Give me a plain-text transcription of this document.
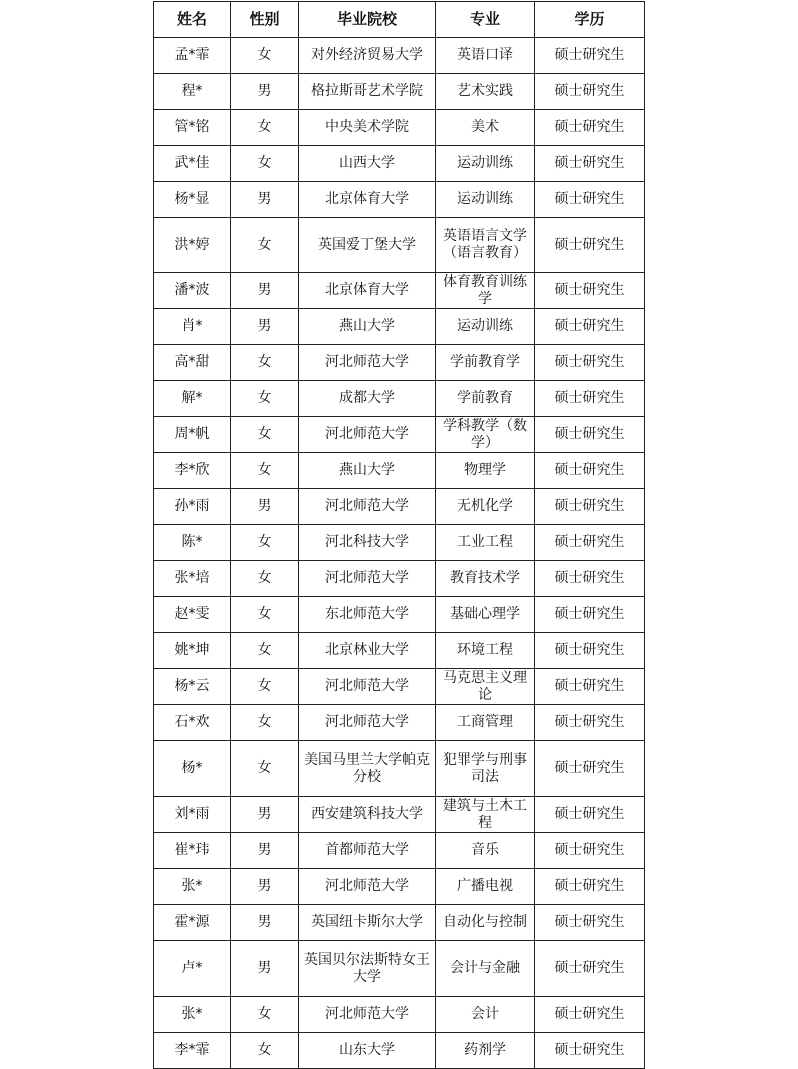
姓名	性别	毕业院校	专业	学历
孟*霏	女	对外经济贸易大学	英语口译	硕士研究生
程*	男	格拉斯哥艺术学院	艺术实践	硕士研究生
管*铭	女	中央美术学院	美术	硕士研究生
武*佳	女	山西大学	运动训练	硕士研究生
杨*显	男	北京体育大学	运动训练	硕士研究生
洪*婷	女	英国爱丁堡大学	英语语言文学（语言教育）	硕士研究生
潘*波	男	北京体育大学	体育教育训练学	硕士研究生
肖*	男	燕山大学	运动训练	硕士研究生
高*甜	女	河北师范大学	学前教育学	硕士研究生
解*	女	成都大学	学前教育	硕士研究生
周*帆	女	河北师范大学	学科教学（数学）	硕士研究生
李*欣	女	燕山大学	物理学	硕士研究生
孙*雨	男	河北师范大学	无机化学	硕士研究生
陈*	女	河北科技大学	工业工程	硕士研究生
张*培	女	河北师范大学	教育技术学	硕士研究生
赵*雯	女	东北师范大学	基础心理学	硕士研究生
姚*坤	女	北京林业大学	环境工程	硕士研究生
杨*云	女	河北师范大学	马克思主义理论	硕士研究生
石*欢	女	河北师范大学	工商管理	硕士研究生
杨*	女	美国马里兰大学帕克分校	犯罪学与刑事司法	硕士研究生
刘*雨	男	西安建筑科技大学	建筑与土木工程	硕士研究生
崔*玮	男	首都师范大学	音乐	硕士研究生
张*	男	河北师范大学	广播电视	硕士研究生
霍*源	男	英国纽卡斯尔大学	自动化与控制	硕士研究生
卢*	男	英国贝尔法斯特女王大学	会计与金融	硕士研究生
张*	女	河北师范大学	会计	硕士研究生
李*霏	女	山东大学	药剂学	硕士研究生
